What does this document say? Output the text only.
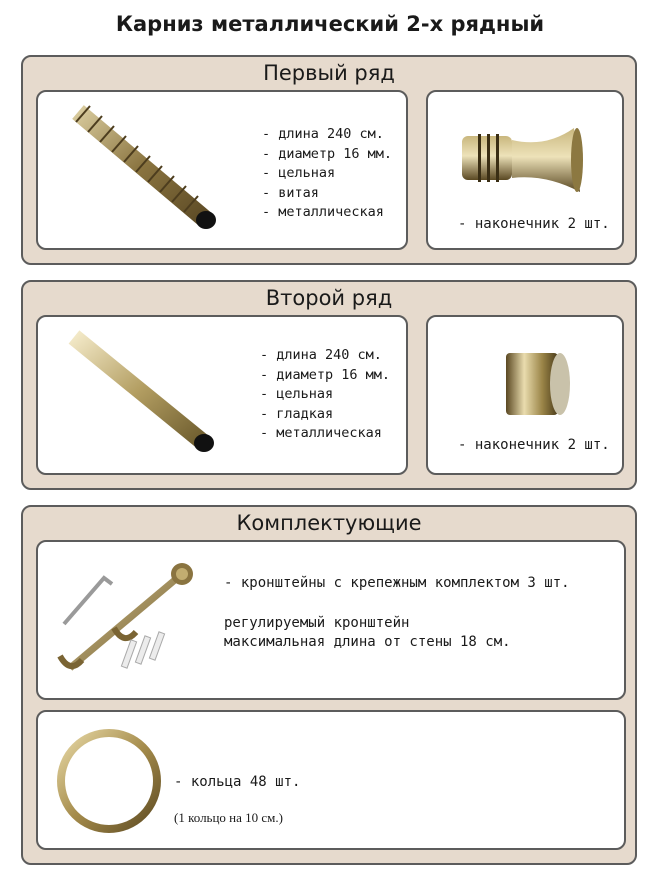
Карниз металлический 2-х рядный
Первый ряд
- длина 240 см.
- диаметр 16 мм.
- цельная
- витая
- металлическая
- наконечник 2 шт.
Второй ряд
- длина 240 см.
- диаметр 16 мм.
- цельная
- гладкая
- металлическая
- наконечник 2 шт.
Комплектующие
- кронштейны с крепежным комплектом 3 шт.
регулируемый кронштейн
максимальная длина от стены 18 см.
- кольца 48 шт.
(1 кольцо на 10 см.)
